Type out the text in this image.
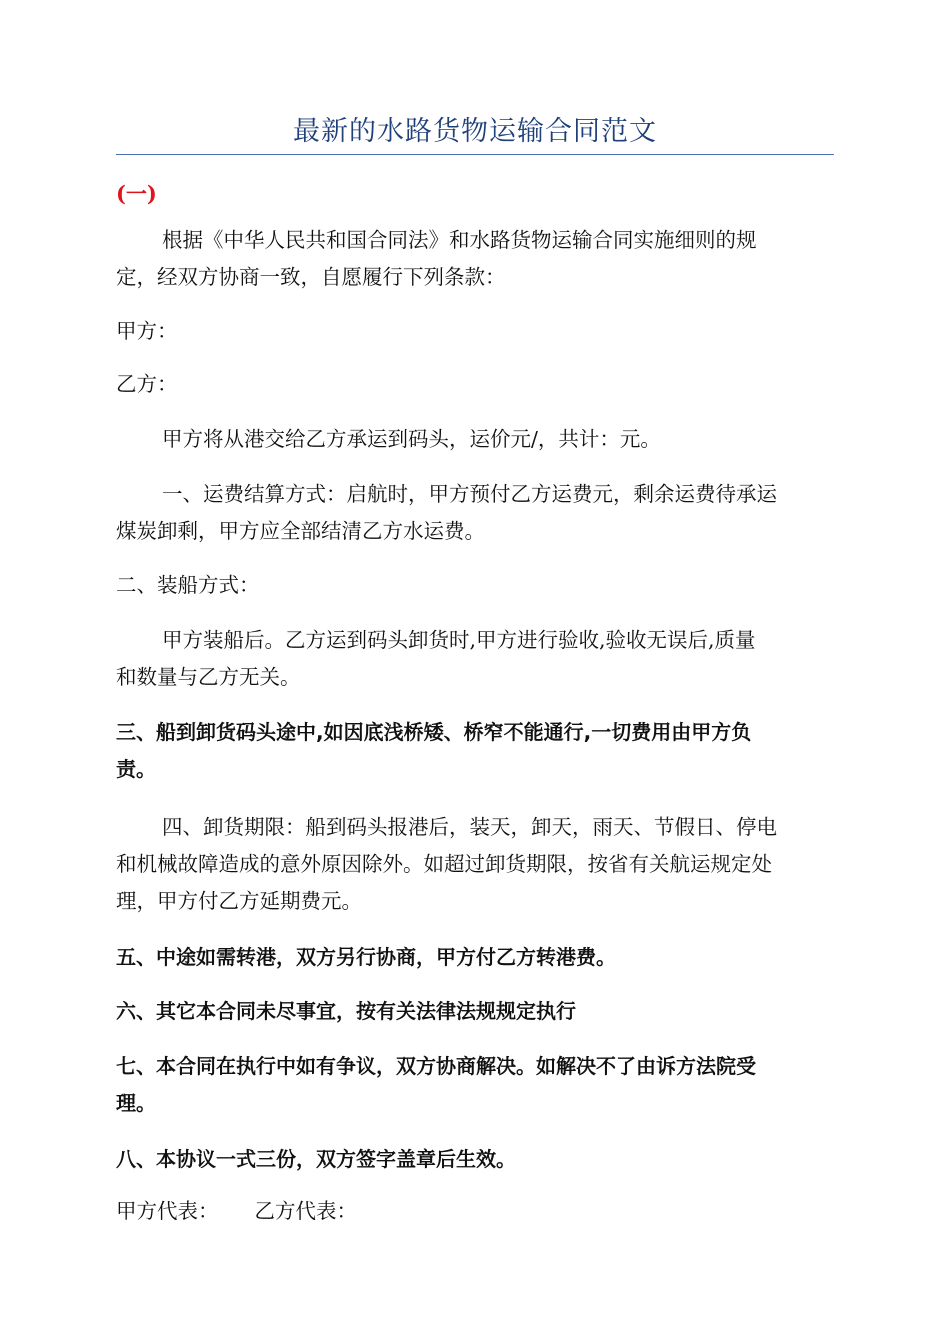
最新的水路货物运输合同范文
(一)
根据《中华人民共和国合同法》和水路货物运输合同实施细则的规
定，经双方协商一致，自愿履行下列条款：
甲方：
乙方：
甲方将从港交给乙方承运到码头，运价元/，共计：元。
一、运费结算方式：启航时，甲方预付乙方运费元，剩余运费待承运
煤炭卸剩，甲方应全部结清乙方水运费。
二、装船方式：
甲方装船后。乙方运到码头卸货时,甲方进行验收,验收无误后,质量
和数量与乙方无关。
三、船到卸货码头途中,如因底浅桥矮、桥窄不能通行,一切费用由甲方负
责。
四、卸货期限：船到码头报港后，装天，卸天，雨天、节假日、停电
和机械故障造成的意外原因除外。如超过卸货期限，按省有关航运规定处
理，甲方付乙方延期费元。
五、中途如需转港，双方另行协商，甲方付乙方转港费。
六、其它本合同未尽事宜，按有关法律法规规定执行
七、本合同在执行中如有争议，双方协商解决。如解决不了由诉方法院受
理。
八、本协议一式三份，双方签字盖章后生效。
甲方代表： 乙方代表：
